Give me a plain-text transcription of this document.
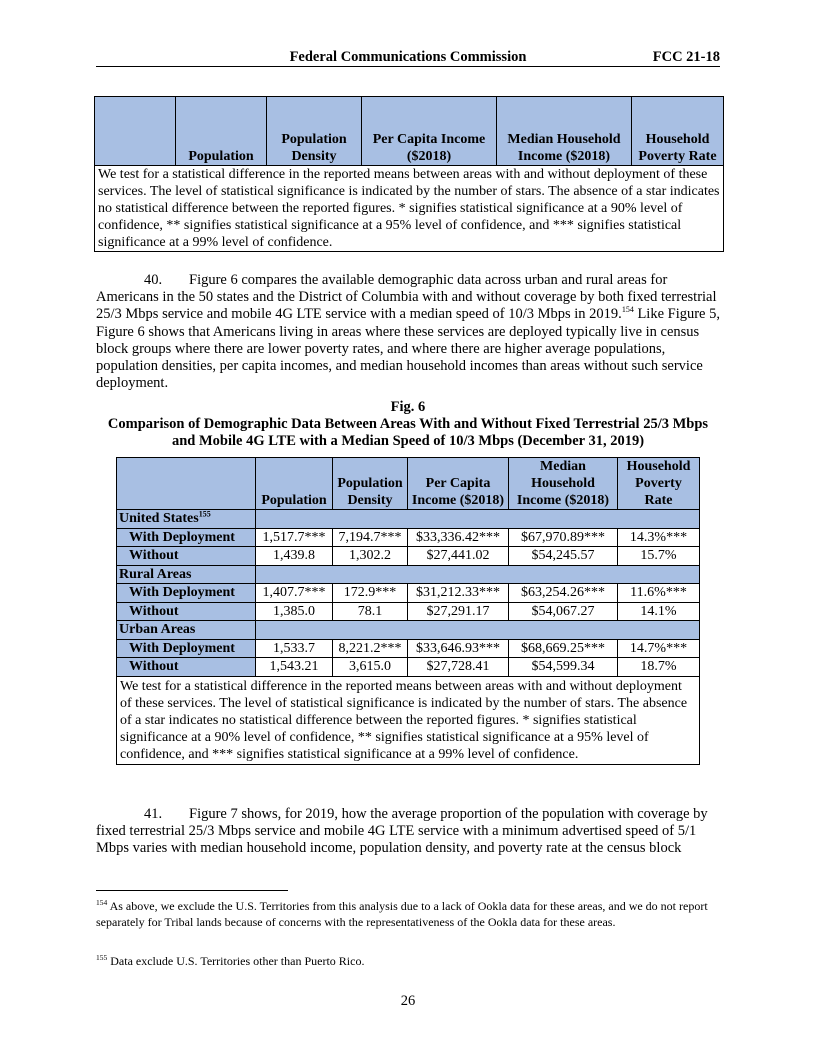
Federal Communications Commission	FCC 21-18
	Population	Population Density	Per Capita Income ($2018)	Median Household Income ($2018)	Household Poverty Rate
We test for a statistical difference in the reported means between areas with and without deployment of these services. The level of statistical significance is indicated by the number of stars. The absence of a star indicates no statistical difference between the reported figures. * signifies statistical significance at a 90% level of confidence, ** signifies statistical significance at a 95% level of confidence, and *** signifies statistical significance at a 99% level of confidence.
40. Figure 6 compares the available demographic data across urban and rural areas for Americans in the 50 states and the District of Columbia with and without coverage by both fixed terrestrial 25/3 Mbps service and mobile 4G LTE service with a median speed of 10/3 Mbps in 2019.$^{154}$ Like Figure 5, Figure 6 shows that Americans living in areas where these services are deployed typically live in census block groups where there are lower poverty rates, and where there are higher average populations, population densities, per capita incomes, and median household incomes than areas without such service deployment.
Fig. 6
Comparison of Demographic Data Between Areas With and Without Fixed Terrestrial 25/3 Mbps
and Mobile 4G LTE with a Median Speed of 10/3 Mbps (December 31, 2019)
	Population	Population Density	Per Capita Income ($2018)	Median Household Income ($2018)	Household Poverty Rate
United States$^{155}$	
With Deployment	1,517.7***	7,194.7***	$33,336.42***	$67,970.89***	14.3%***
Without	1,439.8	1,302.2	$27,441.02	$54,245.57	15.7%
Rural Areas					
With Deployment	1,407.7***	172.9***	$31,212.33***	$63,254.26***	11.6%***
Without	1,385.0	78.1	$27,291.17	$54,067.27	14.1%
Urban Areas					
With Deployment	1,533.7	8,221.2***	$33,646.93***	$68,669.25***	14.7%***
Without	1,543.21	3,615.0	$27,728.41	$54,599.34	18.7%
We test for a statistical difference in the reported means between areas with and without deployment of these services. The level of statistical significance is indicated by the number of stars. The absence of a star indicates no statistical difference between the reported figures. * signifies statistical significance at a 90% level of confidence, ** signifies statistical significance at a 95% level of confidence, and *** signifies statistical significance at a 99% level of confidence.					
41. Figure 7 shows, for 2019, how the average proportion of the population with coverage by fixed terrestrial 25/3 Mbps service and mobile 4G LTE service with a minimum advertised speed of 5/1 Mbps varies with median household income, population density, and poverty rate at the census block
$^{154}$ As above, we exclude the U.S. Territories from this analysis due to a lack of Ookla data for these areas, and we do not report separately for Tribal lands because of concerns with the representativeness of the Ookla data for these areas.
$^{155}$ Data exclude U.S. Territories other than Puerto Rico.
26
